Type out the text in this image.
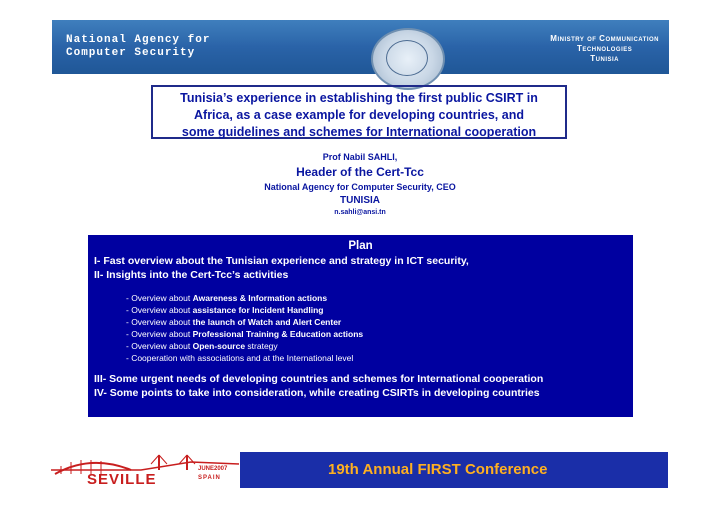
National Agency for
Computer Security
Ministry of Communication
Technologies
Tunisia
Tunisia’s experience in establishing the first public CSIRT in
Africa, as a case example for developing countries, and
some guidelines and schemes for International cooperation
Prof Nabil SAHLI,
Header of the Cert-Tcc
National Agency for Computer Security, CEO
TUNISIA
n.sahli@ansi.tn
Plan
I- Fast overview about the Tunisian experience and strategy in ICT security,
II- Insights into the Cert-Tcc’s activities
- Overview about Awareness & Information actions
- Overview about assistance for Incident Handling
- Overview about the launch of Watch and Alert Center
- Overview about Professional Training & Education actions
- Overview about Open-source strategy
- Cooperation with associations and at the International level
III- Some urgent needs of developing countries and schemes for International cooperation
IV- Some points to take into consideration, while creating CSIRTs in developing countries
SEVILLE
JUNE2007
SPAIN	19th Annual FIRST Conference
